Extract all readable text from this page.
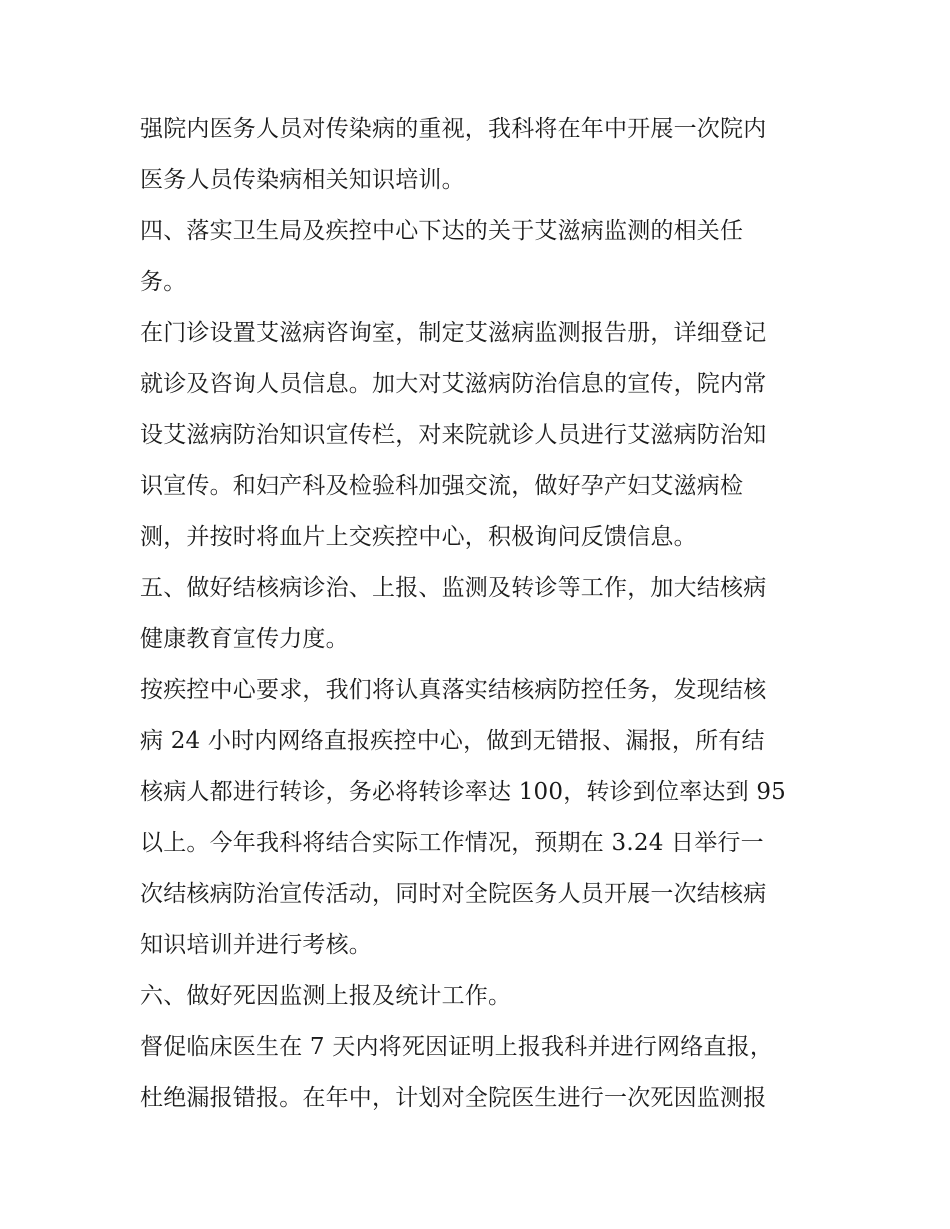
强院内医务人员对传染病的重视，我科将在年中开展一次院内
医务人员传染病相关知识培训。
四、落实卫生局及疾控中心下达的关于艾滋病监测的相关任
务。
在门诊设置艾滋病咨询室，制定艾滋病监测报告册，详细登记
就诊及咨询人员信息。加大对艾滋病防治信息的宣传，院内常
设艾滋病防治知识宣传栏，对来院就诊人员进行艾滋病防治知
识宣传。和妇产科及检验科加强交流，做好孕产妇艾滋病检
测，并按时将血片上交疾控中心，积极询问反馈信息。
五、做好结核病诊治、上报、监测及转诊等工作，加大结核病
健康教育宣传力度。
按疾控中心要求，我们将认真落实结核病防控任务，发现结核
病 24 小时内网络直报疾控中心，做到无错报、漏报，所有结
核病人都进行转诊，务必将转诊率达 100，转诊到位率达到 95
以上。今年我科将结合实际工作情况，预期在 3.24 日举行一
次结核病防治宣传活动，同时对全院医务人员开展一次结核病
知识培训并进行考核。
六、做好死因监测上报及统计工作。
督促临床医生在 7 天内将死因证明上报我科并进行网络直报，
杜绝漏报错报。在年中，计划对全院医生进行一次死因监测报
